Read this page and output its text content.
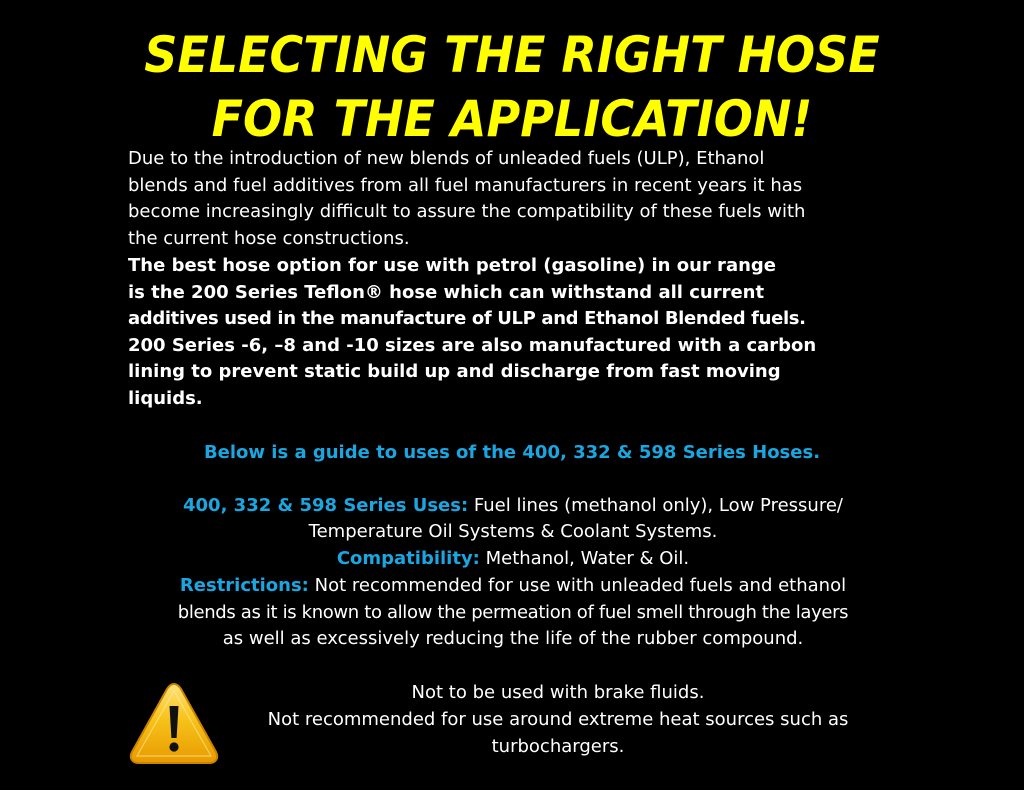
SELECTING THE RIGHT HOSE
FOR THE APPLICATION!
Due to the introduction of new blends of unleaded fuels (ULP), Ethanol
blends and fuel additives from all fuel manufacturers in recent years it has
become increasingly difficult to assure the compatibility of these fuels with
the current hose constructions.
The best hose option for use with petrol (gasoline) in our range
is the 200 Series Teflon® hose which can withstand all current
additives used in the manufacture of ULP and Ethanol Blended fuels.
200 Series -6, –8 and -10 sizes are also manufactured with a carbon
lining to prevent static build up and discharge from fast moving
liquids.
Below is a guide to uses of the 400, 332 & 598 Series Hoses.
400, 332 & 598 Series Uses: Fuel lines (methanol only), Low Pressure/
Temperature Oil Systems & Coolant Systems.
Compatibility: Methanol, Water & Oil.
Restrictions: Not recommended for use with unleaded fuels and ethanol
blends as it is known to allow the permeation of fuel smell through the layers
as well as excessively reducing the life of the rubber compound.
Not to be used with brake fluids.
Not recommended for use around extreme heat sources such as
turbochargers.
